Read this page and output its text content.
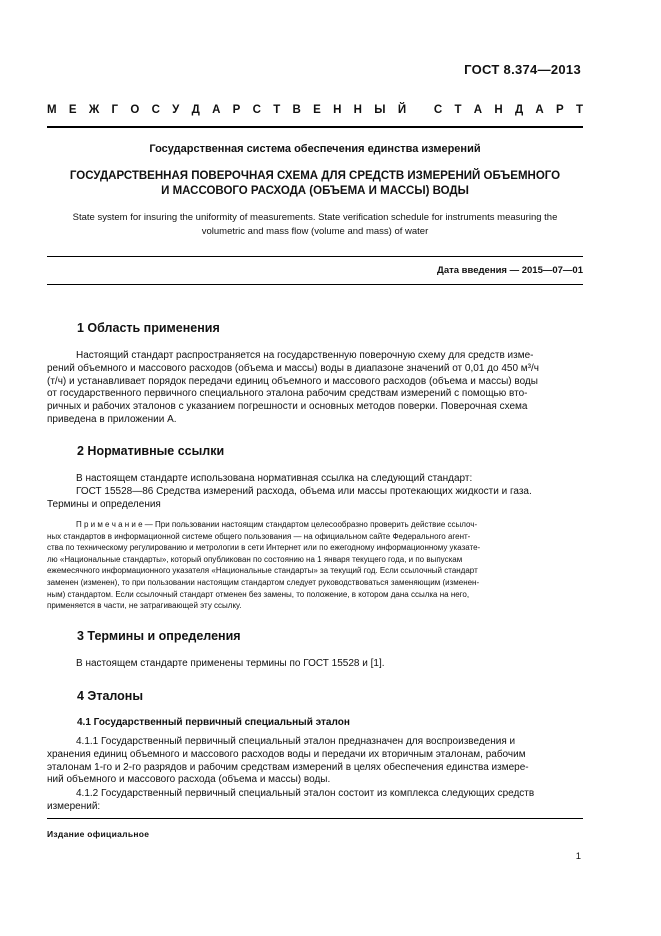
ГОСТ 8.374—2013
М Е Ж Г О С У Д А Р С Т В Е Н Н Ы Й
С Т А Н Д А Р Т
Государственная система обеспечения единства измерений
ГОСУДАРСТВЕННАЯ ПОВЕРОЧНАЯ СХЕМА ДЛЯ СРЕДСТВ ИЗМЕРЕНИЙ ОБЪЕМНОГО
И МАССОВОГО РАСХОДА (ОБЪЕМА И МАССЫ) ВОДЫ
State system for insuring the uniformity of measurements. State verification schedule for instruments measuring the
volumetric and mass flow (volume and mass) of water
Дата введения — 2015—07—01
1 Область применения
Настоящий стандарт распространяется на государственную поверочную схему для средств изме-
рений объемного и массового расходов (объема и массы) воды в диапазоне значений от 0,01 до 450 м³/ч
(т/ч) и устанавливает порядок передачи единиц объемного и массового расходов (объема и массы) воды
от государственного первичного специального эталона рабочим средствам измерений с помощью вто-
ричных и рабочих эталонов с указанием погрешности и основных методов поверки. Поверочная схема
приведена в приложении А.
2 Нормативные ссылки
В настоящем стандарте использована нормативная ссылка на следующий стандарт:
ГОСТ 15528—86 Средства измерений расхода, объема или массы протекающих жидкости и газа.
Термины и определения
П р и м е ч а н и е — При пользовании настоящим стандартом целесообразно проверить действие ссылоч-
ных стандартов в информационной системе общего пользования — на официальном сайте Федерального агент-
ства по техническому регулированию и метрологии в сети Интернет или по ежегодному информационному указате-
лю «Национальные стандарты», который опубликован по состоянию на 1 января текущего года, и по выпускам
ежемесячного информационного указателя «Национальные стандарты» за текущий год. Если ссылочный стандарт
заменен (изменен), то при пользовании настоящим стандартом следует руководствоваться заменяющим (изменен-
ным) стандартом. Если ссылочный стандарт отменен без замены, то положение, в котором дана ссылка на него,
применяется в части, не затрагивающей эту ссылку.
3 Термины и определения
В настоящем стандарте применены термины по ГОСТ 15528 и [1].
4 Эталоны
4.1 Государственный первичный специальный эталон
4.1.1 Государственный первичный специальный эталон предназначен для воспроизведения и
хранения единиц объемного и массового расходов воды и передачи их вторичным эталонам, рабочим
эталонам 1-го и 2-го разрядов и рабочим средствам измерений в целях обеспечения единства измере-
ний объемного и массового расхода (объема и массы) воды.
4.1.2 Государственный первичный специальный эталон состоит из комплекса следующих средств
измерений:
Издание официальное
1
